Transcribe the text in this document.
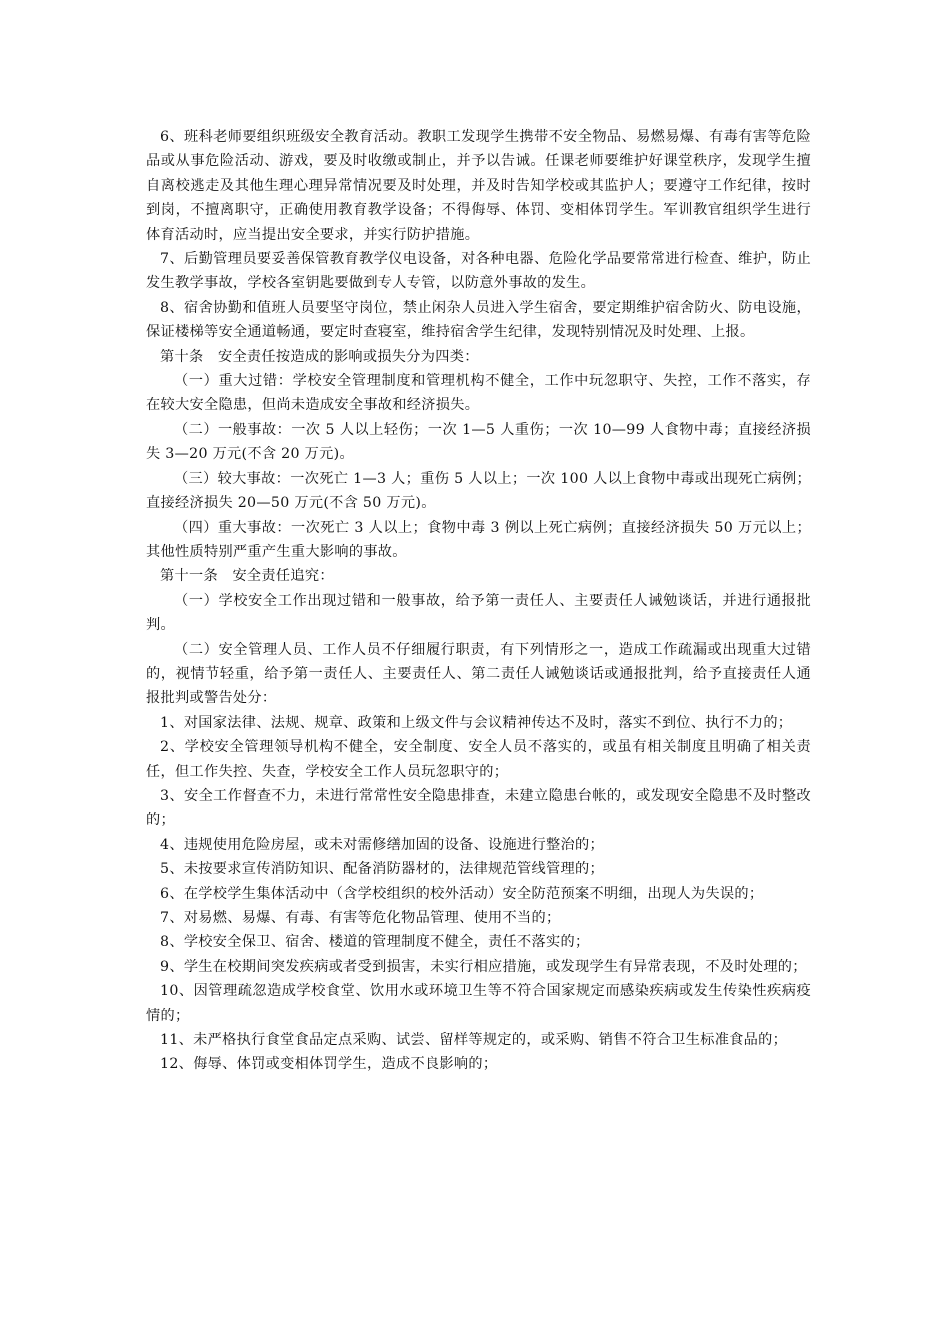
6、班科老师要组织班级安全教育活动。教职工发现学生携带不安全物品、易燃易爆、有毒有害等危险品或从事危险活动、游戏，要及时收缴或制止，并予以告诫。任课老师要维护好课堂秩序，发现学生擅自离校逃走及其他生理心理异常情况要及时处理，并及时告知学校或其监护人；要遵守工作纪律，按时到岗，不擅离职守，正确使用教育教学设备；不得侮辱、体罚、变相体罚学生。军训教官组织学生进行体育活动时，应当提出安全要求，并实行防护措施。

7、后勤管理员要妥善保管教育教学仪电设备，对各种电器、危险化学品要常常进行检查、维护，防止发生教学事故，学校各室钥匙要做到专人专管，以防意外事故的发生。

8、宿舍协勤和值班人员要坚守岗位，禁止闲杂人员进入学生宿舍，要定期维护宿舍防火、防电设施，保证楼梯等安全通道畅通，要定时查寝室，维持宿舍学生纪律，发现特别情况及时处理、上报。

第十条　安全责任按造成的影响或损失分为四类：

（一）重大过错：学校安全管理制度和管理机构不健全，工作中玩忽职守、失控，工作不落实，存在较大安全隐患，但尚未造成安全事故和经济损失。

（二）一般事故：一次 5 人以上轻伤；一次 1—5 人重伤；一次 10—99 人食物中毒；直接经济损失 3—20 万元(不含 20 万元)。

（三）较大事故：一次死亡 1—3 人；重伤 5 人以上；一次 100 人以上食物中毒或出现死亡病例；直接经济损失 20—50 万元(不含 50 万元)。

（四）重大事故：一次死亡 3 人以上；食物中毒 3 例以上死亡病例；直接经济损失 50 万元以上；其他性质特别严重产生重大影响的事故。

第十一条　安全责任追究：

（一）学校安全工作出现过错和一般事故，给予第一责任人、主要责任人诫勉谈话，并进行通报批判。

（二）安全管理人员、工作人员不仔细履行职责，有下列情形之一，造成工作疏漏或出现重大过错的，视情节轻重，给予第一责任人、主要责任人、第二责任人诫勉谈话或通报批判，给予直接责任人通报批判或警告处分：

1、对国家法律、法规、规章、政策和上级文件与会议精神传达不及时，落实不到位、执行不力的；

2、学校安全管理领导机构不健全，安全制度、安全人员不落实的，或虽有相关制度且明确了相关责任，但工作失控、失查，学校安全工作人员玩忽职守的；

3、安全工作督查不力，未进行常常性安全隐患排查，未建立隐患台帐的，或发现安全隐患不及时整改的；

4、违规使用危险房屋，或未对需修缮加固的设备、设施进行整治的；

5、未按要求宣传消防知识、配备消防器材的，法律规范管线管理的；

6、在学校学生集体活动中（含学校组织的校外活动）安全防范预案不明细，出现人为失误的；

7、对易燃、易爆、有毒、有害等危化物品管理、使用不当的；

8、学校安全保卫、宿舍、楼道的管理制度不健全，责任不落实的；

9、学生在校期间突发疾病或者受到损害，未实行相应措施，或发现学生有异常表现，不及时处理的；

10、因管理疏忽造成学校食堂、饮用水或环境卫生等不符合国家规定而感染疾病或发生传染性疾病疫情的；

11、未严格执行食堂食品定点采购、试尝、留样等规定的，或采购、销售不符合卫生标准食品的；

12、侮辱、体罚或变相体罚学生，造成不良影响的；
